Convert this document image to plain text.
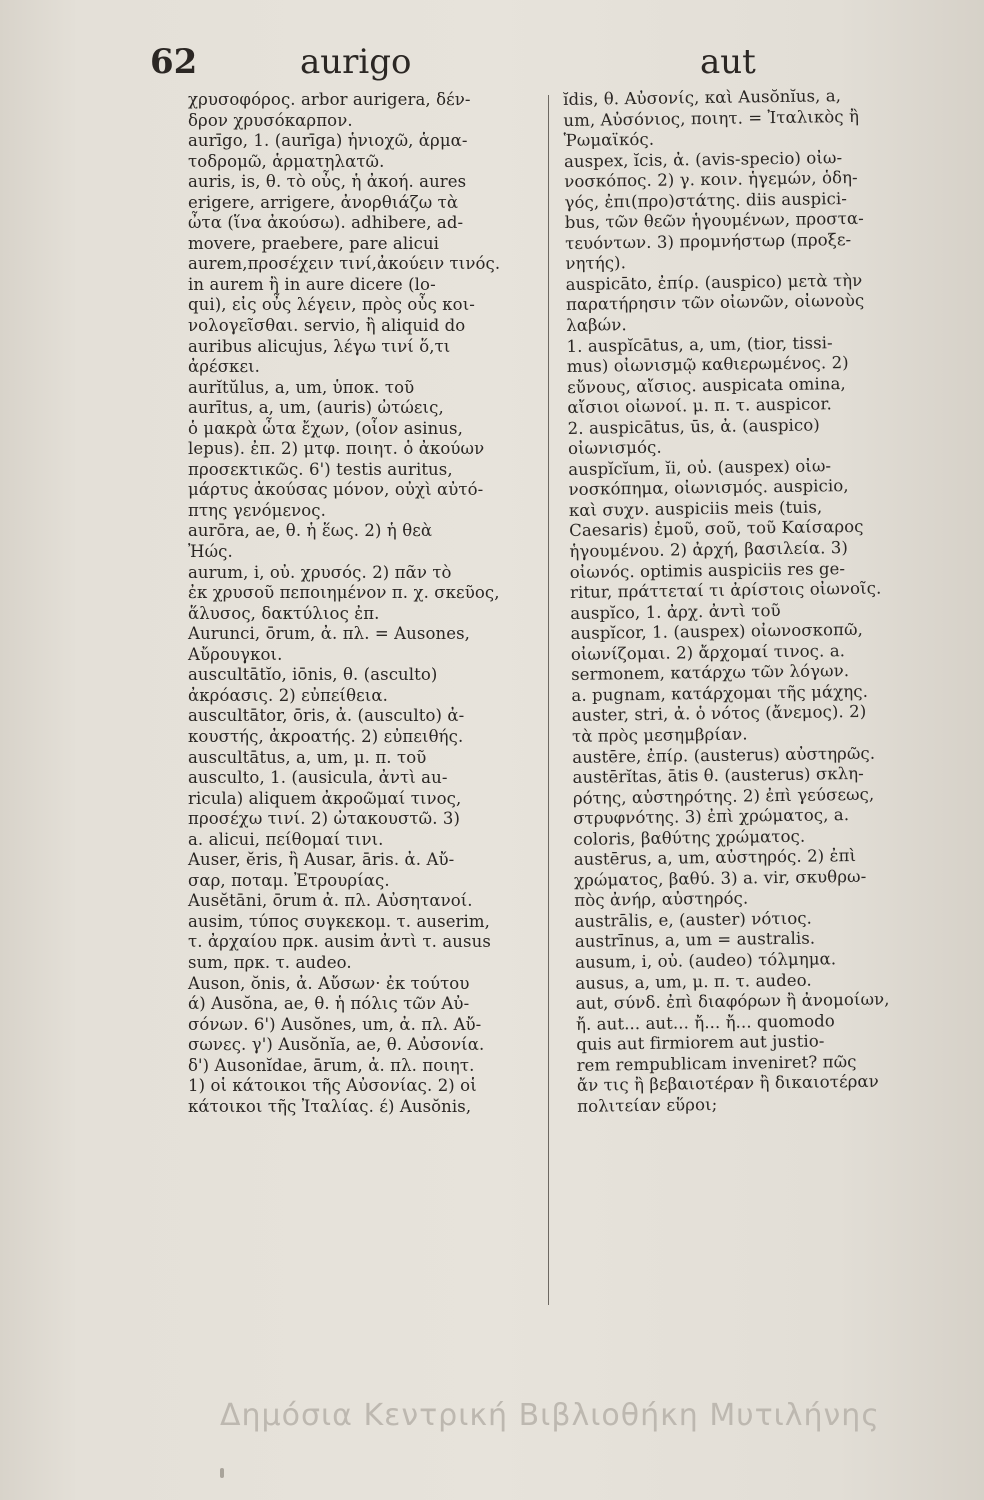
62	aurigo	aut
χρυσοφόρος. arbor aurigera, δέν-
δρον χρυσόκαρπον.
aurīgo, 1. (aurīga) ἡνιοχῶ, ἁρμα-
τοδρομῶ, ἁρματηλατῶ.
auris, is, θ. τὸ οὖς, ἡ ἀκοή. aures
erigere, arrigere, ἀνορθιάζω τὰ
ὦτα (ἵνα ἀκούσω). adhibere, ad-
movere, praebere, pare alicui
aurem,προσέχειν τινί,ἀκούειν τινός.
in aurem ἢ in aure dicere (lo-
qui), εἰς οὖς λέγειν, πρὸς οὖς κοι-
νολογεῖσθαι. servio, ἢ aliquid do
auribus alicujus, λέγω τινί ὅ,τι
ἀρέσκει.
aurĭtŭlus, a, um, ὑποκ. τοῦ
aurītus, a, um, (auris) ὠτώεις,
ὁ μακρὰ ὦτα ἔχων, (οἷον asinus,
lepus). ἐπ. 2) μτφ. ποιητ. ὁ ἀκούων
προσεκτικῶς. 6') testis auritus,
μάρτυς ἀκούσας μόνον, οὐχὶ αὐτό-
πτης γενόμενος.
aurōra, ae, θ. ἡ ἕως. 2) ἡ θεὰ
Ἠώς.
aurum, i, οὐ. χρυσός. 2) πᾶν τὸ
ἐκ χρυσοῦ πεποιημένον π. χ. σκεῦος,
ἅλυσος, δακτύλιος ἐπ.
Aurunci, ōrum, ἀ. πλ. = Ausones,
Αὔρουγκοι.
auscultātĭo, iōnis, θ. (asculto)
ἀκρόασις. 2) εὐπείθεια.
auscultātor, ōris, ἀ. (ausculto) ἀ-
κουστής, ἀκροατής. 2) εὐπειθής.
auscultātus, a, um, μ. π. τοῦ
ausculto, 1. (ausicula, ἀντὶ au-
ricula) aliquem ἀκροῶμαί τινος,
προσέχω τινί. 2) ὠτακουστῶ. 3)
a. alicui, πείθομαί τινι.
Auser, ĕris, ἢ Ausar, āris. ἀ. Αὔ-
σαρ, ποταμ. Ἐτρουρίας.
Ausĕtāni, ōrum ἀ. πλ. Αὐσητανοί.
ausim, τύπος συγκεκομ. τ. auserim,
τ. ἀρχαίου πρκ. ausim ἀντὶ τ. ausus
sum, πρκ. τ. audeo.
Auson, ŏnis, ἀ. Αὔσων· ἐκ τούτου
ά) Ausŏna, ae, θ. ἡ πόλις τῶν Αὐ-
σόνων. 6') Ausŏnes, um, ἀ. πλ. Αὔ-
σωνες. γ') Ausŏnĭa, ae, θ. Αὐσονία.
δ') Ausonĭdae, ārum, ἀ. πλ. ποιητ.
1) οἱ κάτοικοι τῆς Αὐσονίας. 2) οἱ
κάτοικοι τῆς Ἰταλίας. έ) Ausŏnis,
ĭdis, θ. Αὐσονίς, καὶ Ausŏnĭus, a,
um, Αὐσόνιος, ποιητ. = Ἰταλικὸς ἢ
Ῥωμαϊκός.
auspex, ĭcis, ἀ. (avis-specio) οἰω-
νοσκόπος. 2) γ. κοιν. ἡγεμών, ὁδη-
γός, ἐπι(προ)στάτης. diis auspici-
bus, τῶν θεῶν ἡγουμένων, προστα-
τευόντων. 3) προμνήστωρ (προξε-
νητής).
auspicāto, ἐπίρ. (auspico) μετὰ τὴν
παρατήρησιν τῶν οἰωνῶν, οἰωνοὺς
λαβών.
1. auspĭcātus, a, um, (tior, tissi-
mus) οἰωνισμῷ καθιερωμένος. 2)
εὔνους, αἴσιος. auspicata omina,
αἴσιοι οἰωνοί. μ. π. τ. auspicor.
2. auspicātus, ūs, ἀ. (auspico)
οἰωνισμός.
auspĭcĭum, ĭi, οὐ. (auspex) οἰω-
νοσκόπημα, οἰωνισμός. auspicio,
καὶ συχν. auspiciis meis (tuis,
Caesaris) ἐμοῦ, σοῦ, τοῦ Καίσαρος
ἡγουμένου. 2) ἀρχή, βασιλεία. 3)
οἰωνός. optimis auspiciis res ge-
ritur, πράττεταί τι ἀρίστοις οἰωνοῖς.
auspĭco, 1. ἀρχ. ἀντὶ τοῦ
auspĭcor, 1. (auspex) οἰωνοσκοπῶ,
οἰωνίζομαι. 2) ἄρχομαί τινος. a.
sermonem, κατάρχω τῶν λόγων.
a. pugnam, κατάρχομαι τῆς μάχης.
auster, stri, ἀ. ὁ νότος (ἄνεμος). 2)
τὰ πρὸς μεσημβρίαν.
austēre, ἐπίρ. (austerus) αὐστηρῶς.
austērĭtas, ātis θ. (austerus) σκλη-
ρότης, αὐστηρότης. 2) ἐπὶ γεύσεως,
στρυφνότης. 3) ἐπὶ χρώματος, a.
coloris, βαθύτης χρώματος.
austērus, a, um, αὐστηρός. 2) ἐπὶ
χρώματος, βαθύ. 3) a. vir, σκυθρω-
πὸς ἀνήρ, αὐστηρός.
austrālis, e, (auster) νότιος.
austrīnus, a, um = australis.
ausum, i, οὐ. (audeo) τόλμημα.
ausus, a, um, μ. π. τ. audeo.
aut, σύνδ. ἐπὶ διαφόρων ἢ ἀνομοίων,
ἤ. aut... aut... ἤ... ἤ... quomodo
quis aut firmiorem aut justio-
rem rempublicam inveniret? πῶς
ἄν τις ἢ βεβαιοτέραν ἢ δικαιοτέραν
πολιτείαν εὕροι;
Δημόσια Κεντρική Βιβλιοθήκη Μυτιλήνης
